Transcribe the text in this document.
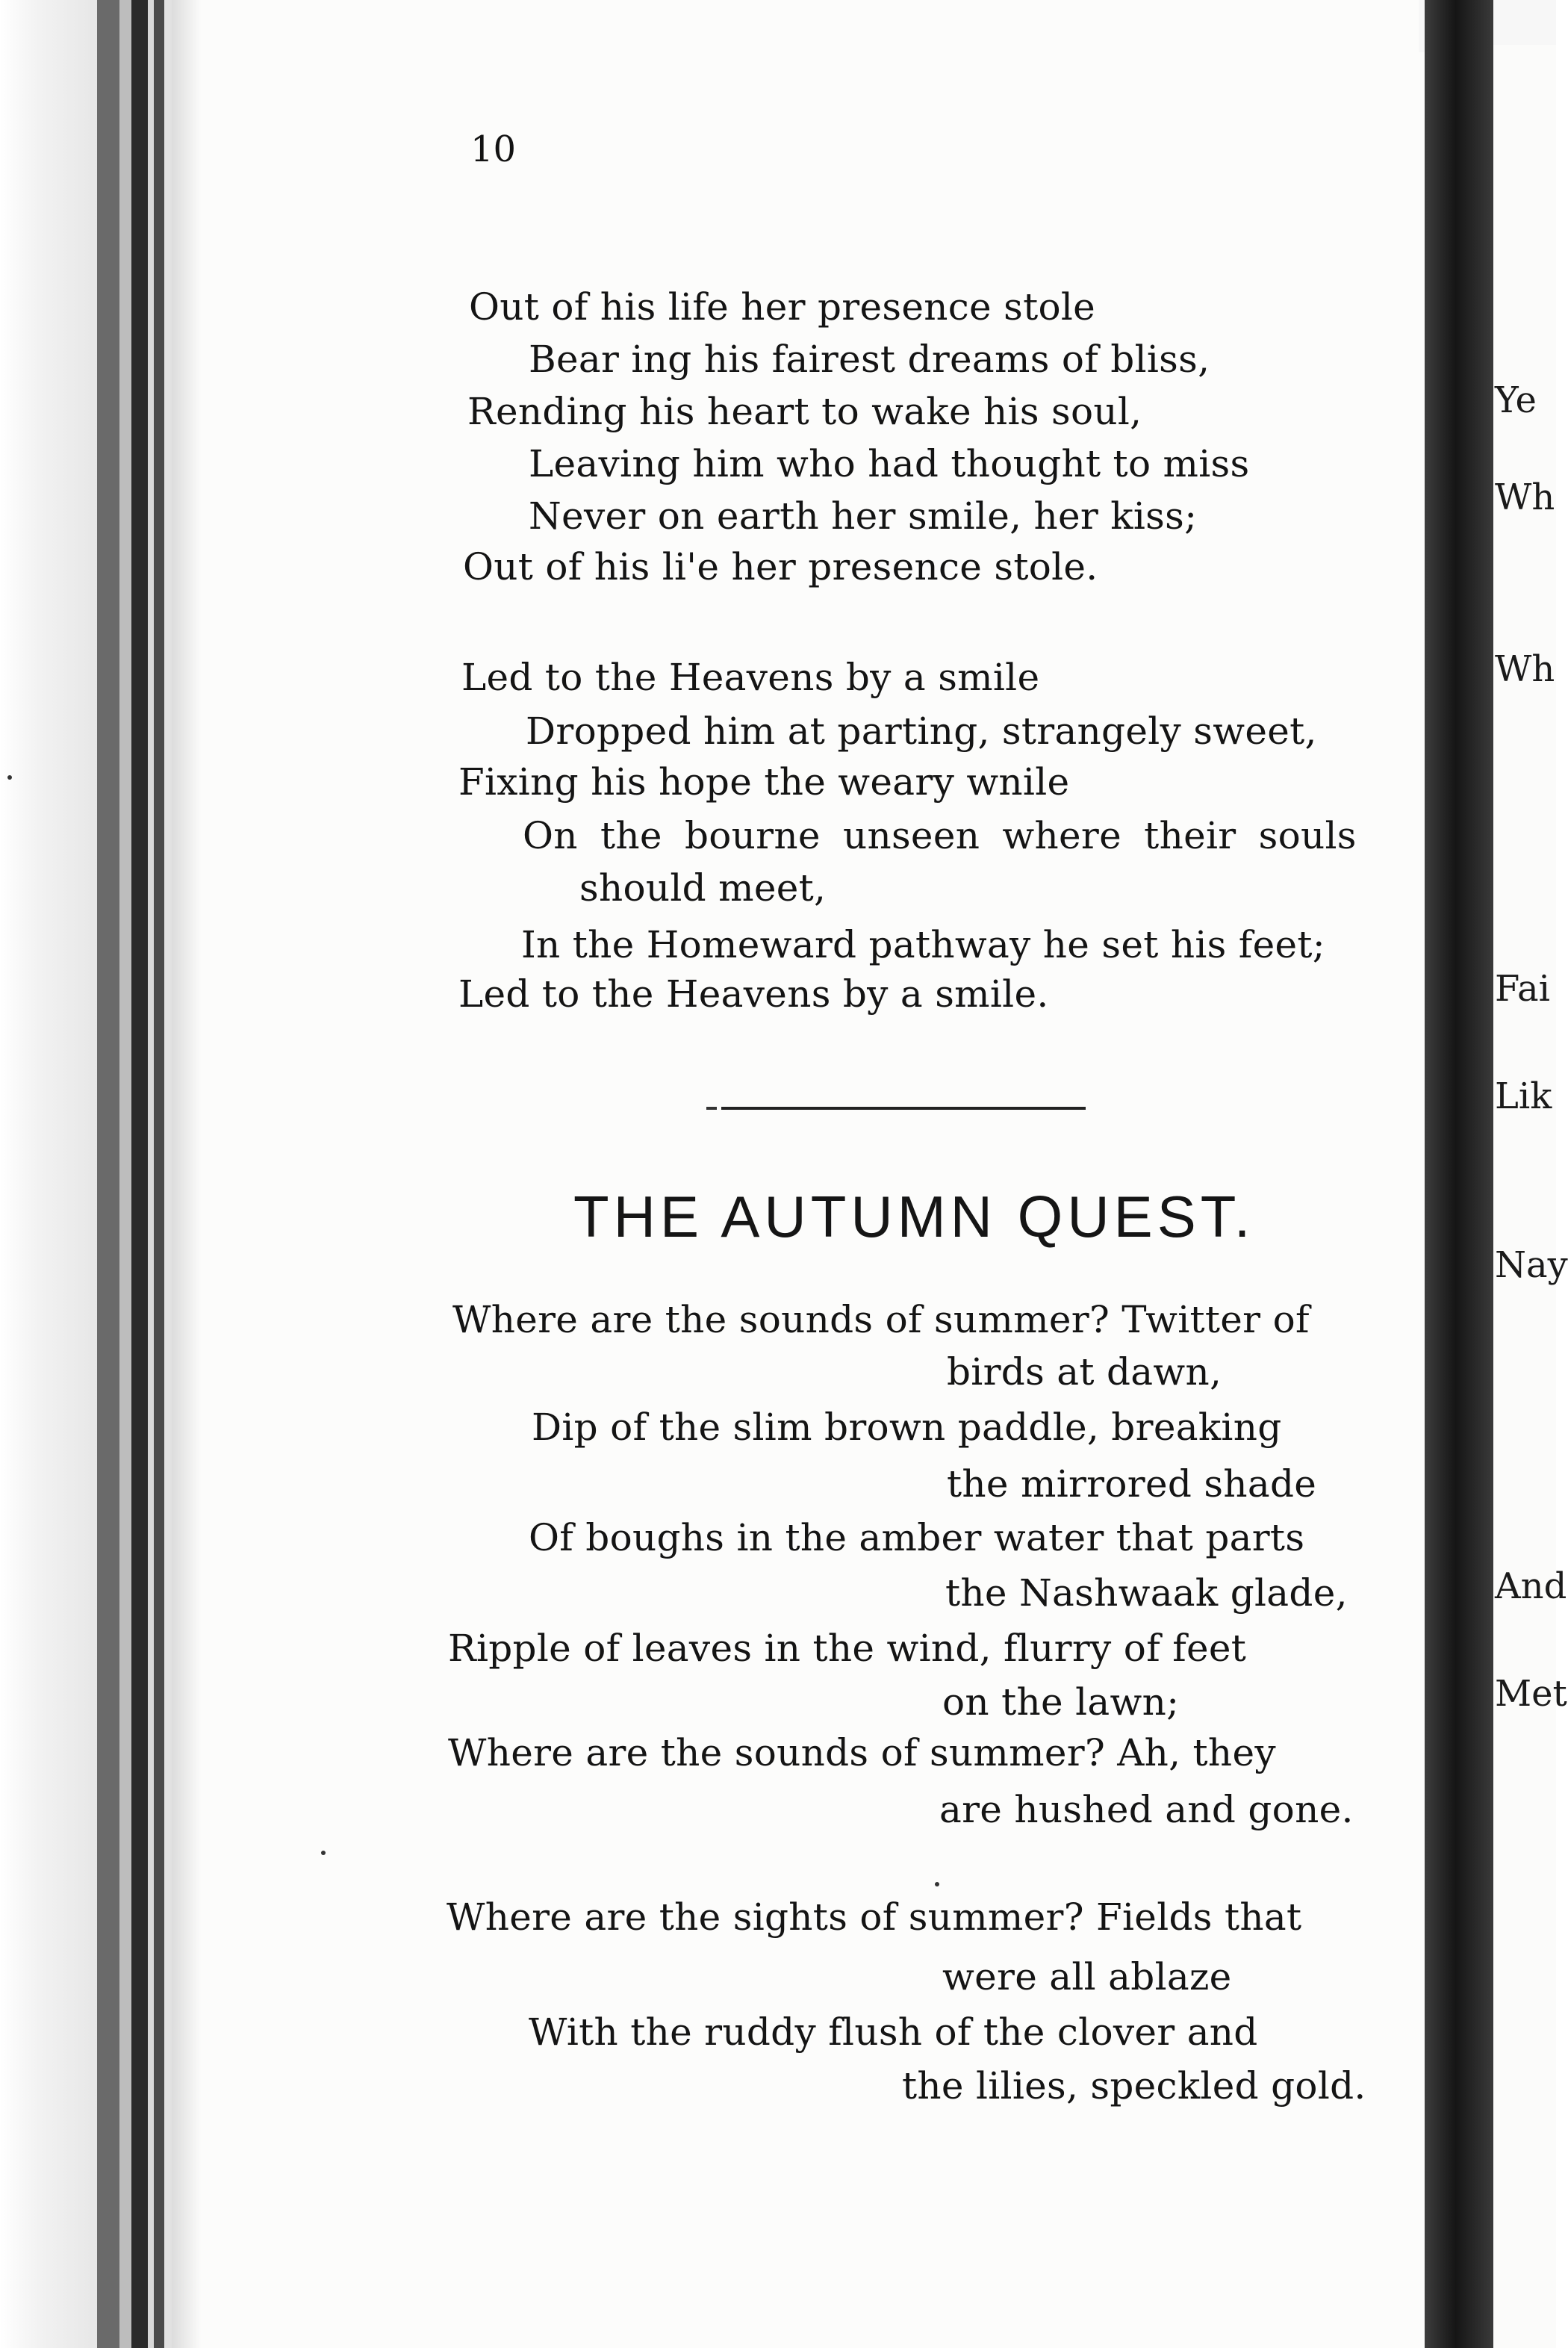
Ye
Wh
Wh
Fai
Lik
Nay
And
Met
10
Out of his life her presence stole
Bear ing his fairest dreams of bliss,
Rending his heart to wake his soul,
Leaving him who had thought to miss
Never on earth her smile, her kiss;
Out of his li'e her presence stole.
Led to the Heavens by a smile
Dropped him at parting, strangely sweet,
Fixing his hope the weary wnile
On the bourne unseen where their souls
should meet,
In the Homeward pathway he set his feet;
Led to the Heavens by a smile.
THE AUTUMN QUEST.
Where are the sounds of summer? Twitter of
birds at dawn,
Dip of the slim brown paddle, breaking
the mirrored shade
Of boughs in the amber water that parts
the Nashwaak glade,
Ripple of leaves in the wind, flurry of feet
on the lawn;
Where are the sounds of summer? Ah, they
are hushed and gone.
Where are the sights of summer? Fields that
were all ablaze
With the ruddy flush of the clover and
the lilies, speckled gold.
